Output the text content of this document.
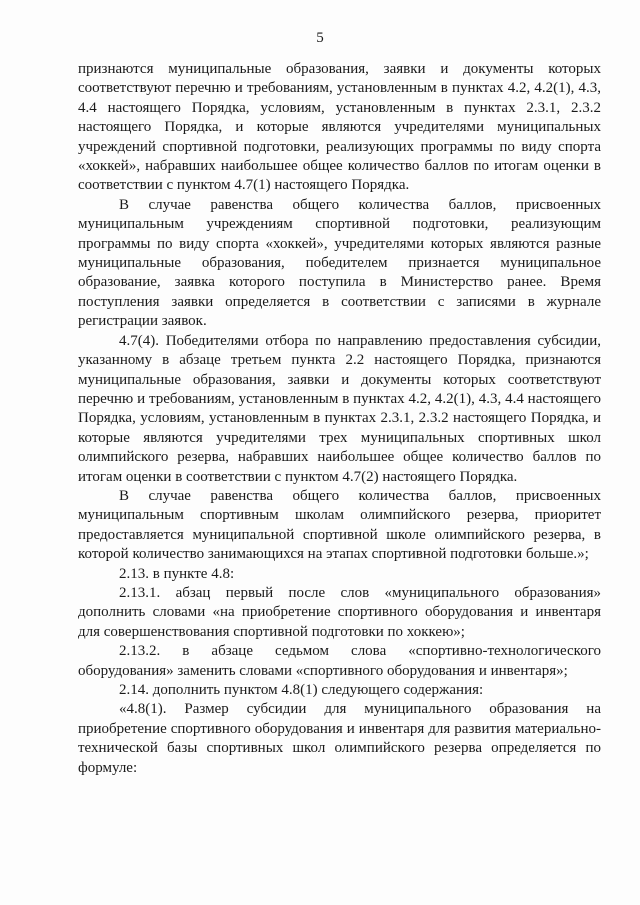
5

признаются муниципальные образования, заявки и документы которых соответствуют перечню и требованиям, установленным в пунктах 4.2, 4.2(1), 4.3, 4.4 настоящего Порядка, условиям, установленным в пунктах 2.3.1, 2.3.2 настоящего Порядка, и которые являются учредителями муниципальных учреждений спортивной подготовки, реализующих программы по виду спорта «хоккей», набравших наибольшее общее количество баллов по итогам оценки в соответствии с пунктом 4.7(1) настоящего Порядка.

В случае равенства общего количества баллов, присвоенных муниципальным учреждениям спортивной подготовки, реализующим программы по виду спорта «хоккей», учредителями которых являются разные муниципальные образования, победителем признается муниципальное образование, заявка которого поступила в Министерство ранее. Время поступления заявки определяется в соответствии с записями в журнале регистрации заявок.

4.7(4). Победителями отбора по направлению предоставления субсидии, указанному в абзаце третьем пункта 2.2 настоящего Порядка, признаются муниципальные образования, заявки и документы которых соответствуют перечню и требованиям, установленным в пунктах 4.2, 4.2(1), 4.3, 4.4 настоящего Порядка, условиям, установленным в пунктах 2.3.1, 2.3.2 настоящего Порядка, и которые являются учредителями трех муниципальных спортивных школ олимпийского резерва, набравших наибольшее общее количество баллов по итогам оценки в соответствии с пунктом 4.7(2) настоящего Порядка.

В случае равенства общего количества баллов, присвоенных муниципальным спортивным школам олимпийского резерва, приоритет предоставляется муниципальной спортивной школе олимпийского резерва, в которой количество занимающихся на этапах спортивной подготовки больше.»;

2.13. в пункте 4.8:

2.13.1. абзац первый после слов «муниципального образования» дополнить словами «на приобретение спортивного оборудования и инвентаря для совершенствования спортивной подготовки по хоккею»;

2.13.2. в абзаце седьмом слова «спортивно-технологического оборудования» заменить словами «спортивного оборудования и инвентаря»;

2.14. дополнить пунктом 4.8(1) следующего содержания:

«4.8(1). Размер субсидии для муниципального образования на приобретение спортивного оборудования и инвентаря для развития материально-технической базы спортивных школ олимпийского резерва определяется по формуле:
